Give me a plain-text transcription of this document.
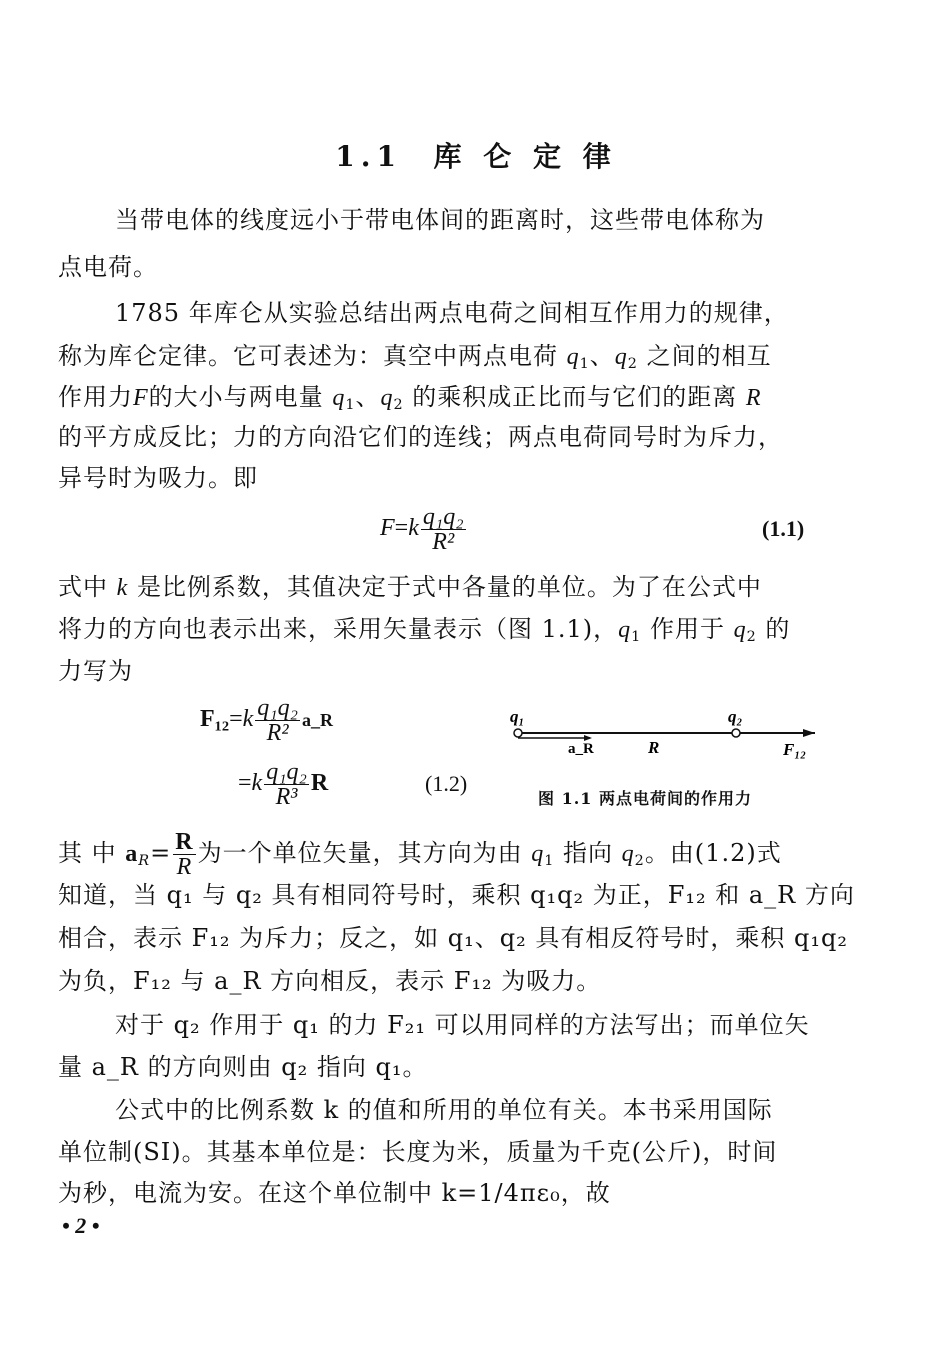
1.1 库 仑 定 律
当带电体的线度远小于带电体间的距离时，这些带电体称为
点电荷。
1785 年库仑从实验总结出两点电荷之间相互作用力的规律，
称为库仑定律。它可表述为：真空中两点电荷 $q_1$、$q_2$ 之间的相互
作用力F的大小与两电量 $q_1$、$q_2$ 的乘积成正比而与它们的距离 R
的平方成反比；力的方向沿它们的连线；两点电荷同号时为斥力，
异号时为吸力。即
$F=k \frac{\text{q₁q₂}}{\text{R²}}$	(1.1)
式中 k 是比例系数，其值决定于式中各量的单位。为了在公式中
将力的方向也表示出来，采用矢量表示（图 1.1)，$q_1$ 作用于 $q_2$ 的
力写为
$F_{12}=k \frac{\text{q₁q₂}}{\text{R²}}$ a_R
$=k \frac{\text{q₁q₂}}{\text{R³}}$ R	(1.2)
q₁	q₂
a_R	R	F₁₂
图 1.1 两点电荷间的作用力
其 中 $a_R= \frac{R}{R}$ 为一个单位矢量，其方向为由 $q_1$ 指向 $q_2$。由(1.2)式
知道，当 q₁ 与 q₂ 具有相同符号时，乘积 q₁q₂ 为正，F₁₂ 和 a_R 方向
相合，表示 F₁₂ 为斥力；反之，如 q₁、q₂ 具有相反符号时，乘积 q₁q₂
为负，F₁₂ 与 a_R 方向相反，表示 F₁₂ 为吸力。
对于 q₂ 作用于 q₁ 的力 F₂₁ 可以用同样的方法写出；而单位矢
量 a_R 的方向则由 q₂ 指向 q₁。
公式中的比例系数 k 的值和所用的单位有关。本书采用国际
单位制(SI)。其基本单位是：长度为米，质量为千克(公斤)，时间
为秒，电流为安。在这个单位制中 k=1/4πε₀，故
• 2 •
